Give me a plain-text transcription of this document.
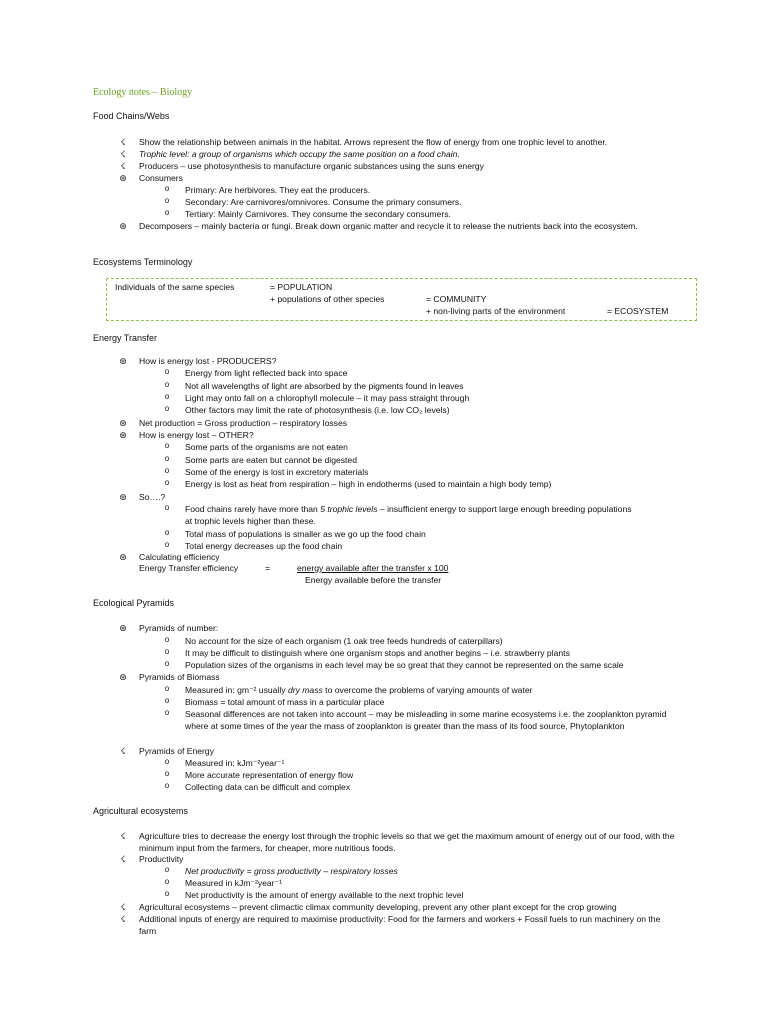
Ecology notes – Biology
Food Chains/Webs
☇	Show the relationship between animals in the habitat. Arrows represent the flow of energy from one trophic level to another.
☇	Trophic level: a group of organisms which occupy the same position on a food chain.
☇	Producers – use photosynthesis to manufacture organic substances using the suns energy
⊛	Consumers
o	Primary: Are herbivores. They eat the producers.
o	Secondary: Are carnivores/omnivores. Consume the primary consumers.
o	Tertiary: Mainly Carnivores. They consume the secondary consumers.
⊛	Decomposers – mainly bacteria or fungi. Break down organic matter and recycle it to release the nutrients back into the ecosystem.
Ecosystems Terminology
Individuals of the same species	= POPULATION
+ populations of other species	= COMMUNITY
+ non-living parts of the environment	= ECOSYSTEM
Energy Transfer
⊛	How is energy lost - PRODUCERS?
o	Energy from light reflected back into space
o	Not all wavelengths of light are absorbed by the pigments found in leaves
o	Light may onto fall on a chlorophyll molecule – it may pass straight through
o	Other factors may limit the rate of photosynthesis (i.e. low CO₂ levels)
⊛	Net production = Gross production – respiratory losses
⊛	How is energy lost – OTHER?
o	Some parts of the organisms are not eaten
o	Some parts are eaten but cannot be digested
o	Some of the energy is lost in excretory materials
o	Energy is lost as heat from respiration – high in endotherms (used to maintain a high body temp)
⊛	So….?
o	Food chains rarely have more than 5 trophic levels – insufficient energy to support large enough breeding populations at trophic levels higher than these.
o	Total mass of populations is smaller as we go up the food chain
o	Total energy decreases up the food chain
⊛	Calculating efficiency
Energy Transfer efficiency	=	energy available after the transfer x 100
Energy available before the transfer
Ecological Pyramids
⊛	Pyramids of number:
o	No account for the size of each organism (1 oak tree feeds hundreds of caterpillars)
o	It may be difficult to distinguish where one organism stops and another begins – i.e. strawberry plants
o	Population sizes of the organisms in each level may be so great that they cannot be represented on the same scale
⊛	Pyramids of Biomass
o	Measured in: gm⁻² usually dry mass to overcome the problems of varying amounts of water
o	Biomass = total amount of mass in a particular place
o	Seasonal differences are not taken into account – may be misleading in some marine ecosystems i.e. the zooplankton pyramid where at some times of the year the mass of zooplankton is greater than the mass of its food source, Phytoplankton
☇	Pyramids of Energy
o	Measured in: kJm⁻²year⁻¹
o	More accurate representation of energy flow
o	Collecting data can be difficult and complex
Agricultural ecosystems
☇	Agriculture tries to decrease the energy lost through the trophic levels so that we get the maximum amount of energy out of our food, with the minimum input from the farmers, for cheaper, more nutritious foods.
☇	Productivity
o	Net productivity = gross productivity – respiratory losses
o	Measured in kJm⁻²year⁻¹
o	Net productivity is the amount of energy available to the next trophic level
☇	Agricultural ecosystems – prevent climactic climax community developing, prevent any other plant except for the crop growing
☇	Additional inputs of energy are required to maximise productivity: Food for the farmers and workers + Fossil fuels to run machinery on the farm
